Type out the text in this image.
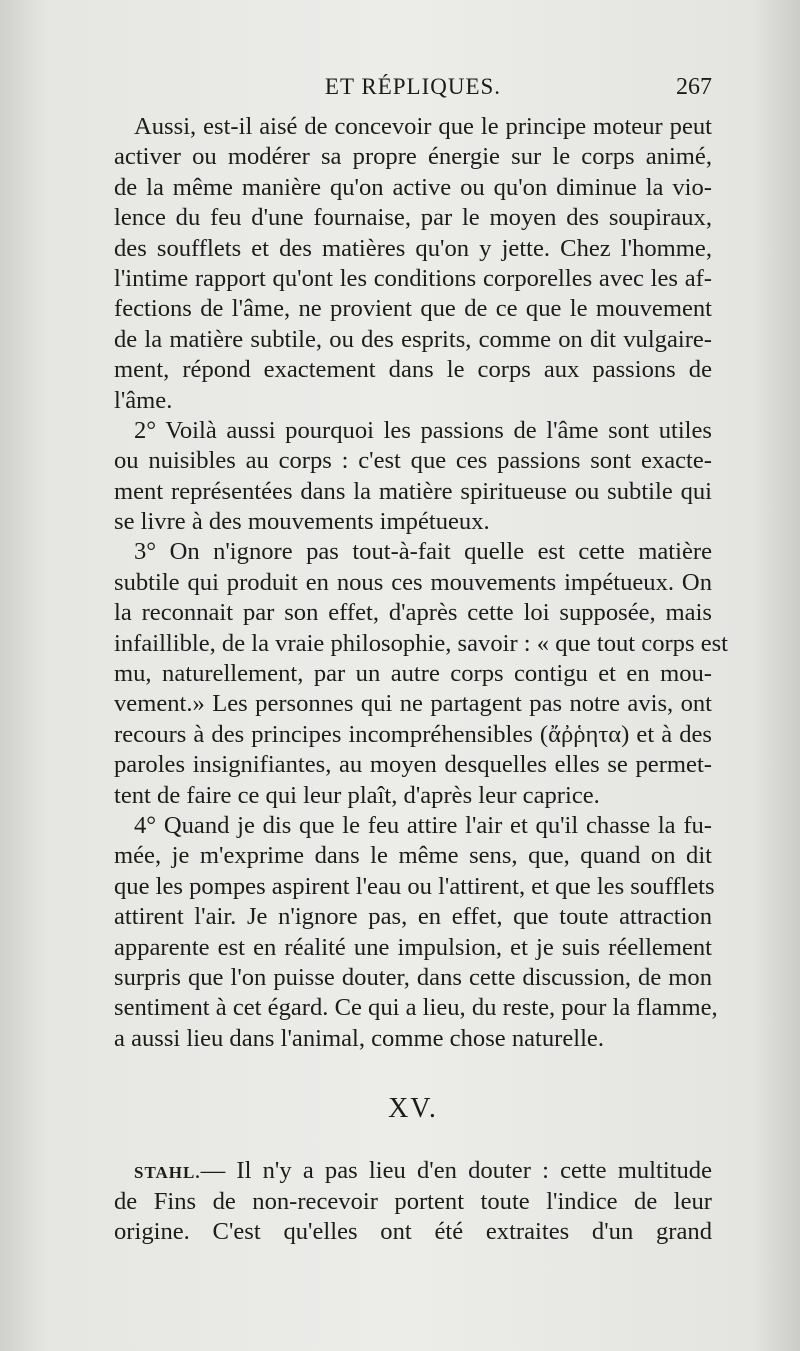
ET RÉPLIQUES.	267
Aussi, est-il aisé de concevoir que le principe moteur peut
activer ou modérer sa propre énergie sur le corps animé,
de la même manière qu'on active ou qu'on diminue la vio-
lence du feu d'une fournaise, par le moyen des soupiraux,
des soufflets et des matières qu'on y jette. Chez l'homme,
l'intime rapport qu'ont les conditions corporelles avec les af-
fections de l'âme, ne provient que de ce que le mouvement
de la matière subtile, ou des esprits, comme on dit vulgaire-
ment, répond exactement dans le corps aux passions de
l'âme.
2° Voilà aussi pourquoi les passions de l'âme sont utiles
ou nuisibles au corps : c'est que ces passions sont exacte-
ment représentées dans la matière spiritueuse ou subtile qui
se livre à des mouvements impétueux.
3° On n'ignore pas tout-à-fait quelle est cette matière
subtile qui produit en nous ces mouvements impétueux. On
la reconnait par son effet, d'après cette loi supposée, mais
infaillible, de la vraie philosophie, savoir : « que tout corps est
mu, naturellement, par un autre corps contigu et en mou-
vement.» Les personnes qui ne partagent pas notre avis, ont
recours à des principes incompréhensibles (ἄῤῥητα) et à des
paroles insignifiantes, au moyen desquelles elles se permet-
tent de faire ce qui leur plaît, d'après leur caprice.
4° Quand je dis que le feu attire l'air et qu'il chasse la fu-
mée, je m'exprime dans le même sens, que, quand on dit
que les pompes aspirent l'eau ou l'attirent, et que les soufflets
attirent l'air. Je n'ignore pas, en effet, que toute attraction
apparente est en réalité une impulsion, et je suis réellement
surpris que l'on puisse douter, dans cette discussion, de mon
sentiment à cet égard. Ce qui a lieu, du reste, pour la flamme,
a aussi lieu dans l'animal, comme chose naturelle.
XV.
STAHL.— Il n'y a pas lieu d'en douter : cette multitude
de Fins de non-recevoir portent toute l'indice de leur
origine. C'est qu'elles ont été extraites d'un grand
